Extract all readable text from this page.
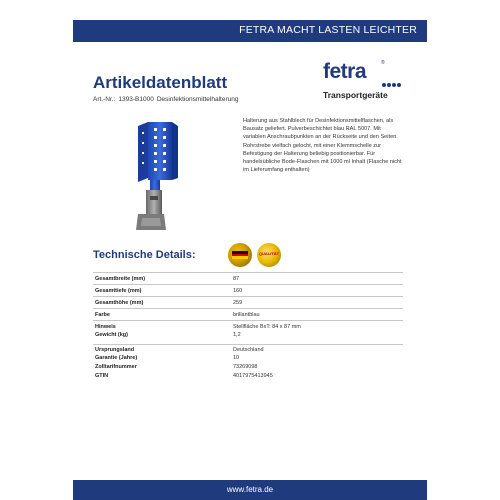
FETRA MACHT LASTEN LEICHTER
Artikeldatenblatt
Art.-Nr.: 1393-B1000 Desinfektionsmittelhalterung
fetra	®
Transportgeräte
Halterung aus Stahlblech für Desinfektionsmittelflaschen, als Bausatz geliefert. Pulverbeschichtet blau RAL 5007. Mit variablen Anschraubpunkten an der Rückseite und den Seiten. Rohrstrebe vielfach gelocht, mit einer Klemmschelle zur Befestigung der Halterung beliebig positionierbar. Für handelsübliche Bode-Flaschen mit 1000 ml Inhalt (Flasche nicht im Lieferumfang enthalten)
Technische Details:	QUALITÄT
Gesamtbreite (mm)	87
Gesamttiefe (mm)	160
Gesamthöhe (mm)	259
Farbe	brillantblau
Hinweis	Stellfläche BxT: 84 x 87 mm
Gewicht (kg)	1,2
Ursprungsland	Deutschland
Garantie (Jahre)	10
Zolltarifnummer	73269098
GTIN	4017975413945
www.fetra.de
